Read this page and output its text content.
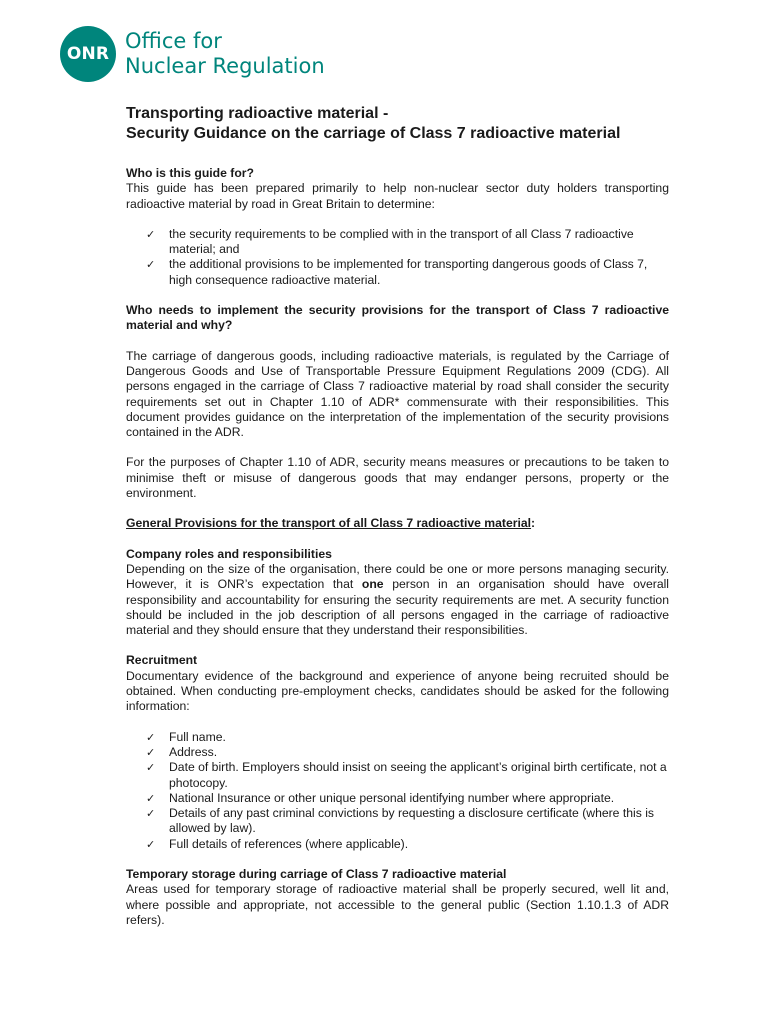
ONR
Office for
Nuclear Regulation
Transporting radioactive material -
Security Guidance on the carriage of Class 7 radioactive material

Who is this guide for?

This guide has been prepared primarily to help non-nuclear sector duty holders transporting radioactive material by road in Great Britain to determine:

✓ the security requirements to be complied with in the transport of all Class 7 radioactive material; and
✓ the additional provisions to be implemented for transporting dangerous goods of Class 7, high consequence radioactive material.

Who needs to implement the security provisions for the transport of Class 7 radioactive material and why?

The carriage of dangerous goods, including radioactive materials, is regulated by the Carriage of Dangerous Goods and Use of Transportable Pressure Equipment Regulations 2009 (CDG). All persons engaged in the carriage of Class 7 radioactive material by road shall consider the security requirements set out in Chapter 1.10 of ADR* commensurate with their responsibilities. This document provides guidance on the interpretation of the implementation of the security provisions contained in the ADR.

For the purposes of Chapter 1.10 of ADR, security means measures or precautions to be taken to minimise theft or misuse of dangerous goods that may endanger persons, property or the environment.

General Provisions for the transport of all Class 7 radioactive material:

Company roles and responsibilities

Depending on the size of the organisation, there could be one or more persons managing security. However, it is ONR’s expectation that one person in an organisation should have overall responsibility and accountability for ensuring the security requirements are met. A security function should be included in the job description of all persons engaged in the carriage of radioactive material and they should ensure that they understand their responsibilities.

Recruitment

Documentary evidence of the background and experience of anyone being recruited should be obtained. When conducting pre-employment checks, candidates should be asked for the following information:

✓ Full name.
✓ Address.
✓ Date of birth. Employers should insist on seeing the applicant’s original birth certificate, not a photocopy.
✓ National Insurance or other unique personal identifying number where appropriate.
✓ Details of any past criminal convictions by requesting a disclosure certificate (where this is allowed by law).
✓ Full details of references (where applicable).

Temporary storage during carriage of Class 7 radioactive material

Areas used for temporary storage of radioactive material shall be properly secured, well lit and, where possible and appropriate, not accessible to the general public (Section 1.10.1.3 of ADR refers).
